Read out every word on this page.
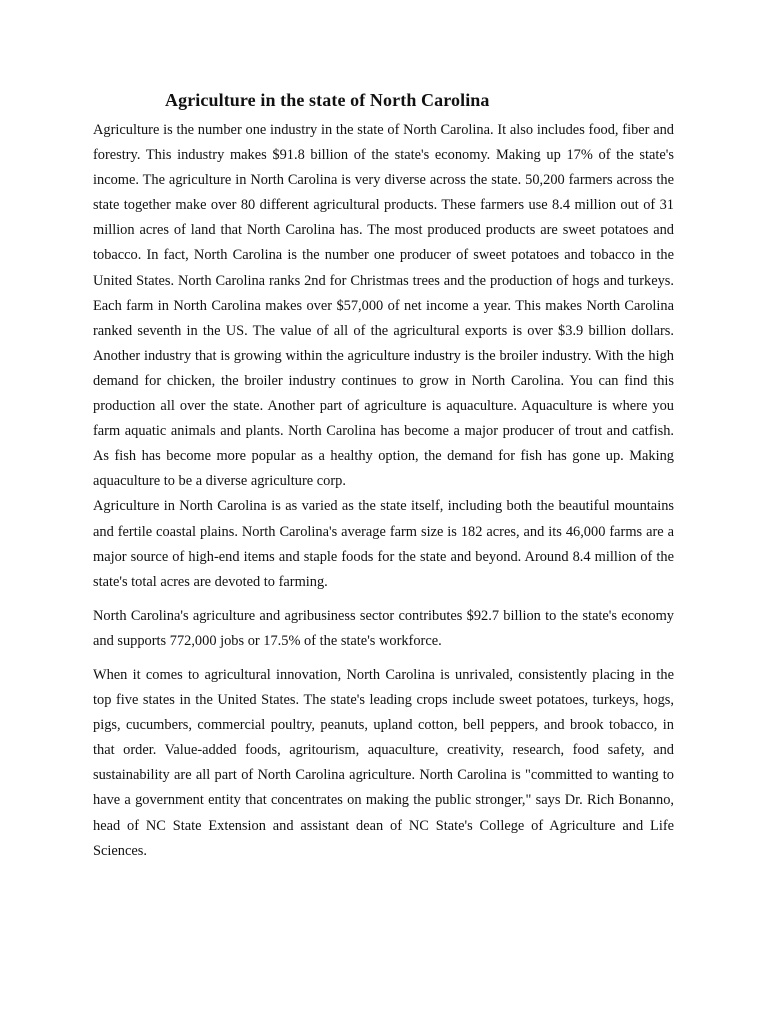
Agriculture in the state of North Carolina

Agriculture is the number one industry in the state of North Carolina. It also includes food, fiber and forestry. This industry makes $91.8 billion of the state's economy. Making up 17% of the state's income. The agriculture in North Carolina is very diverse across the state. 50,200 farmers across the state together make over 80 different agricultural products. These farmers use 8.4 million out of 31 million acres of land that North Carolina has. The most produced products are sweet potatoes and tobacco. In fact, North Carolina is the number one producer of sweet potatoes and tobacco in the United States. North Carolina ranks 2nd for Christmas trees and the production of hogs and turkeys. Each farm in North Carolina makes over $57,000 of net income a year. This makes North Carolina ranked seventh in the US. The value of all of the agricultural exports is over $3.9 billion dollars. Another industry that is growing within the agriculture industry is the broiler industry. With the high demand for chicken, the broiler industry continues to grow in North Carolina. You can find this production all over the state. Another part of agriculture is aquaculture. Aquaculture is where you farm aquatic animals and plants. North Carolina has become a major producer of trout and catfish. As fish has become more popular as a healthy option, the demand for fish has gone up. Making aquaculture to be a diverse agriculture corp.

Agriculture in North Carolina is as varied as the state itself, including both the beautiful mountains and fertile coastal plains. North Carolina's average farm size is 182 acres, and its 46,000 farms are a major source of high-end items and staple foods for the state and beyond. Around 8.4 million of the state's total acres are devoted to farming.

North Carolina's agriculture and agribusiness sector contributes $92.7 billion to the state's economy and supports 772,000 jobs or 17.5% of the state's workforce.

When it comes to agricultural innovation, North Carolina is unrivaled, consistently placing in the top five states in the United States. The state's leading crops include sweet potatoes, turkeys, hogs, pigs, cucumbers, commercial poultry, peanuts, upland cotton, bell peppers, and brook tobacco, in that order. Value-added foods, agritourism, aquaculture, creativity, research, food safety, and sustainability are all part of North Carolina agriculture. North Carolina is "committed to wanting to have a government entity that concentrates on making the public stronger," says Dr. Rich Bonanno, head of NC State Extension and assistant dean of NC State's College of Agriculture and Life Sciences.
